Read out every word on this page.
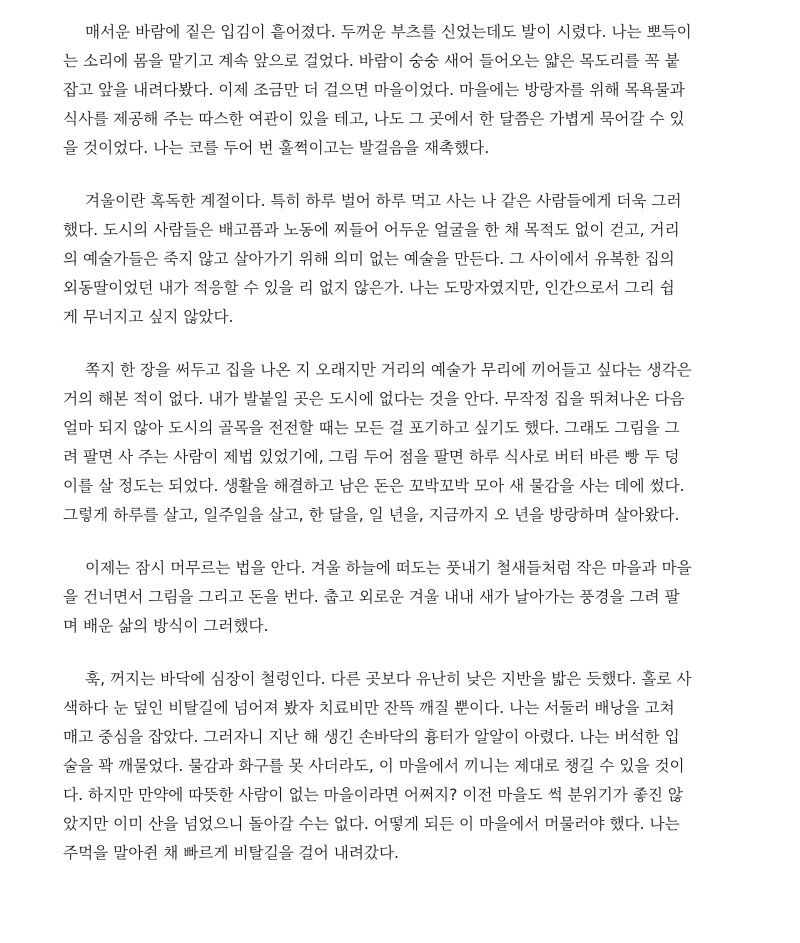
매서운 바람에 짙은 입김이 흩어졌다. 두꺼운 부츠를 신었는데도 발이 시렸다. 나는 뽀득이
는 소리에 몸을 맡기고 계속 앞으로 걸었다. 바람이 숭숭 새어 들어오는 얇은 목도리를 꼭 붙
잡고 앞을 내려다봤다. 이제 조금만 더 걸으면 마을이었다. 마을에는 방랑자를 위해 목욕물과
식사를 제공해 주는 따스한 여관이 있을 테고, 나도 그 곳에서 한 달쯤은 가볍게 묵어갈 수 있
을 것이었다. 나는 코를 두어 번 훌쩍이고는 발걸음을 재촉했다.
겨울이란 혹독한 계절이다. 특히 하루 벌어 하루 먹고 사는 나 같은 사람들에게 더욱 그러
했다. 도시의 사람들은 배고픔과 노동에 찌들어 어두운 얼굴을 한 채 목적도 없이 걷고, 거리
의 예술가들은 죽지 않고 살아가기 위해 의미 없는 예술을 만든다. 그 사이에서 유복한 집의
외동딸이었던 내가 적응할 수 있을 리 없지 않은가. 나는 도망자였지만, 인간으로서 그리 쉽
게 무너지고 싶지 않았다.
쪽지 한 장을 써두고 집을 나온 지 오래지만 거리의 예술가 무리에 끼어들고 싶다는 생각은
거의 해본 적이 없다. 내가 발붙일 곳은 도시에 없다는 것을 안다. 무작정 집을 뛰쳐나온 다음
얼마 되지 않아 도시의 골목을 전전할 때는 모든 걸 포기하고 싶기도 했다. 그래도 그림을 그
려 팔면 사 주는 사람이 제법 있었기에, 그림 두어 점을 팔면 하루 식사로 버터 바른 빵 두 덩
이를 살 정도는 되었다. 생활을 해결하고 남은 돈은 꼬박꼬박 모아 새 물감을 사는 데에 썼다.
그렇게 하루를 살고, 일주일을 살고, 한 달을, 일 년을, 지금까지 오 년을 방랑하며 살아왔다.
이제는 잠시 머무르는 법을 안다. 겨울 하늘에 떠도는 풋내기 철새들처럼 작은 마을과 마을
을 건너면서 그림을 그리고 돈을 번다. 춥고 외로운 겨울 내내 새가 날아가는 풍경을 그려 팔
며 배운 삶의 방식이 그러했다.
훅, 꺼지는 바닥에 심장이 철렁인다. 다른 곳보다 유난히 낮은 지반을 밟은 듯했다. 홀로 사
색하다 눈 덮인 비탈길에 넘어져 봤자 치료비만 잔뜩 깨질 뿐이다. 나는 서둘러 배낭을 고쳐
매고 중심을 잡았다. 그러자니 지난 해 생긴 손바닥의 흉터가 알알이 아렸다. 나는 버석한 입
술을 꽉 깨물었다. 물감과 화구를 못 사더라도, 이 마을에서 끼니는 제대로 챙길 수 있을 것이
다. 하지만 만약에 따뜻한 사람이 없는 마을이라면 어쩌지? 이전 마을도 썩 분위기가 좋진 않
았지만 이미 산을 넘었으니 돌아갈 수는 없다. 어떻게 되든 이 마을에서 머물러야 했다. 나는
주먹을 말아쥔 채 빠르게 비탈길을 걸어 내려갔다.
